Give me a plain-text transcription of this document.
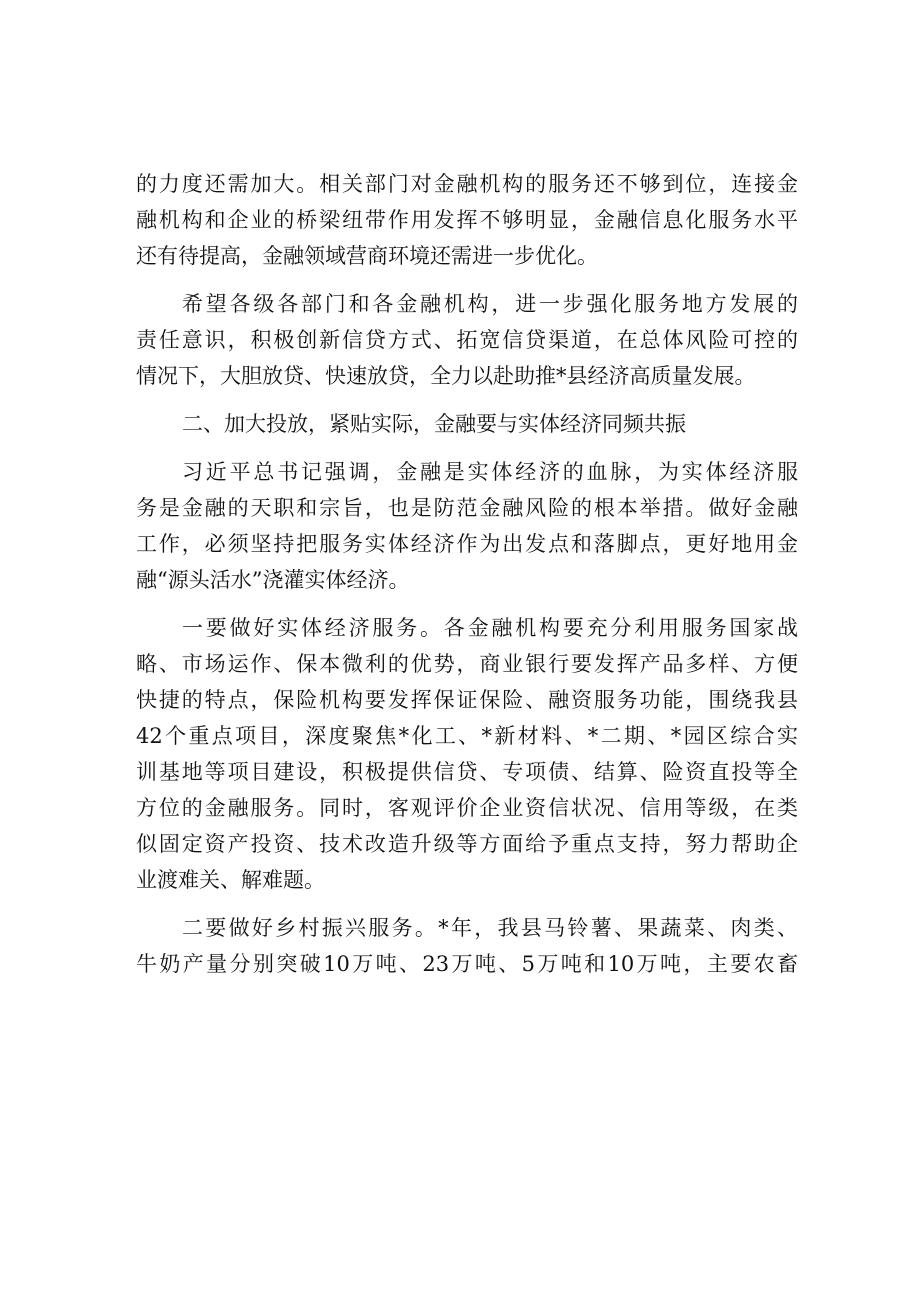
的力度还需加大。相关部门对金融机构的服务还不够到位，连接金
融机构和企业的桥梁纽带作用发挥不够明显，金融信息化服务水平
还有待提高，金融领域营商环境还需进一步优化。
希望各级各部门和各金融机构，进一步强化服务地方发展的
责任意识，积极创新信贷方式、拓宽信贷渠道，在总体风险可控的
情况下，大胆放贷、快速放贷，全力以赴助推*县经济高质量发展。
二、加大投放，紧贴实际，金融要与实体经济同频共振
习近平总书记强调，金融是实体经济的血脉，为实体经济服
务是金融的天职和宗旨，也是防范金融风险的根本举措。做好金融
工作，必须坚持把服务实体经济作为出发点和落脚点，更好地用金
融“源头活水”浇灌实体经济。
一要做好实体经济服务。各金融机构要充分利用服务国家战
略、市场运作、保本微利的优势，商业银行要发挥产品多样、方便
快捷的特点，保险机构要发挥保证保险、融资服务功能，围绕我县
42个重点项目，深度聚焦*化工、*新材料、*二期、*园区综合实
训基地等项目建设，积极提供信贷、专项债、结算、险资直投等全
方位的金融服务。同时，客观评价企业资信状况、信用等级，在类
似固定资产投资、技术改造升级等方面给予重点支持，努力帮助企
业渡难关、解难题。
二要做好乡村振兴服务。*年，我县马铃薯、果蔬菜、肉类、
牛奶产量分别突破10万吨、23万吨、5万吨和10万吨，主要农畜
